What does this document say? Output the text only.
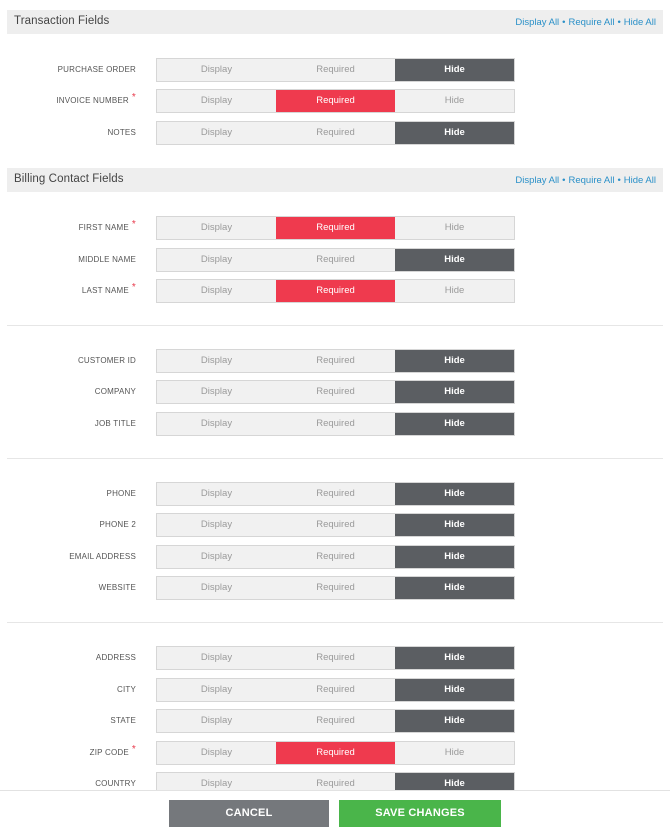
Transaction Fields	Display All • Require All • Hide All
PURCHASE ORDER	Display	Required	Hide
INVOICE NUMBER *	Display	Required	Hide
NOTES	Display	Required	Hide
Billing Contact Fields	Display All • Require All • Hide All
FIRST NAME *	Display	Required	Hide
MIDDLE NAME	Display	Required	Hide
LAST NAME *	Display	Required	Hide
CUSTOMER ID	Display	Required	Hide
COMPANY	Display	Required	Hide
JOB TITLE	Display	Required	Hide
PHONE	Display	Required	Hide
PHONE 2	Display	Required	Hide
EMAIL ADDRESS	Display	Required	Hide
WEBSITE	Display	Required	Hide
ADDRESS	Display	Required	Hide
CITY	Display	Required	Hide
STATE	Display	Required	Hide
ZIP CODE *	Display	Required	Hide
COUNTRY	Display	Required	Hide
CANCEL	SAVE CHANGES
